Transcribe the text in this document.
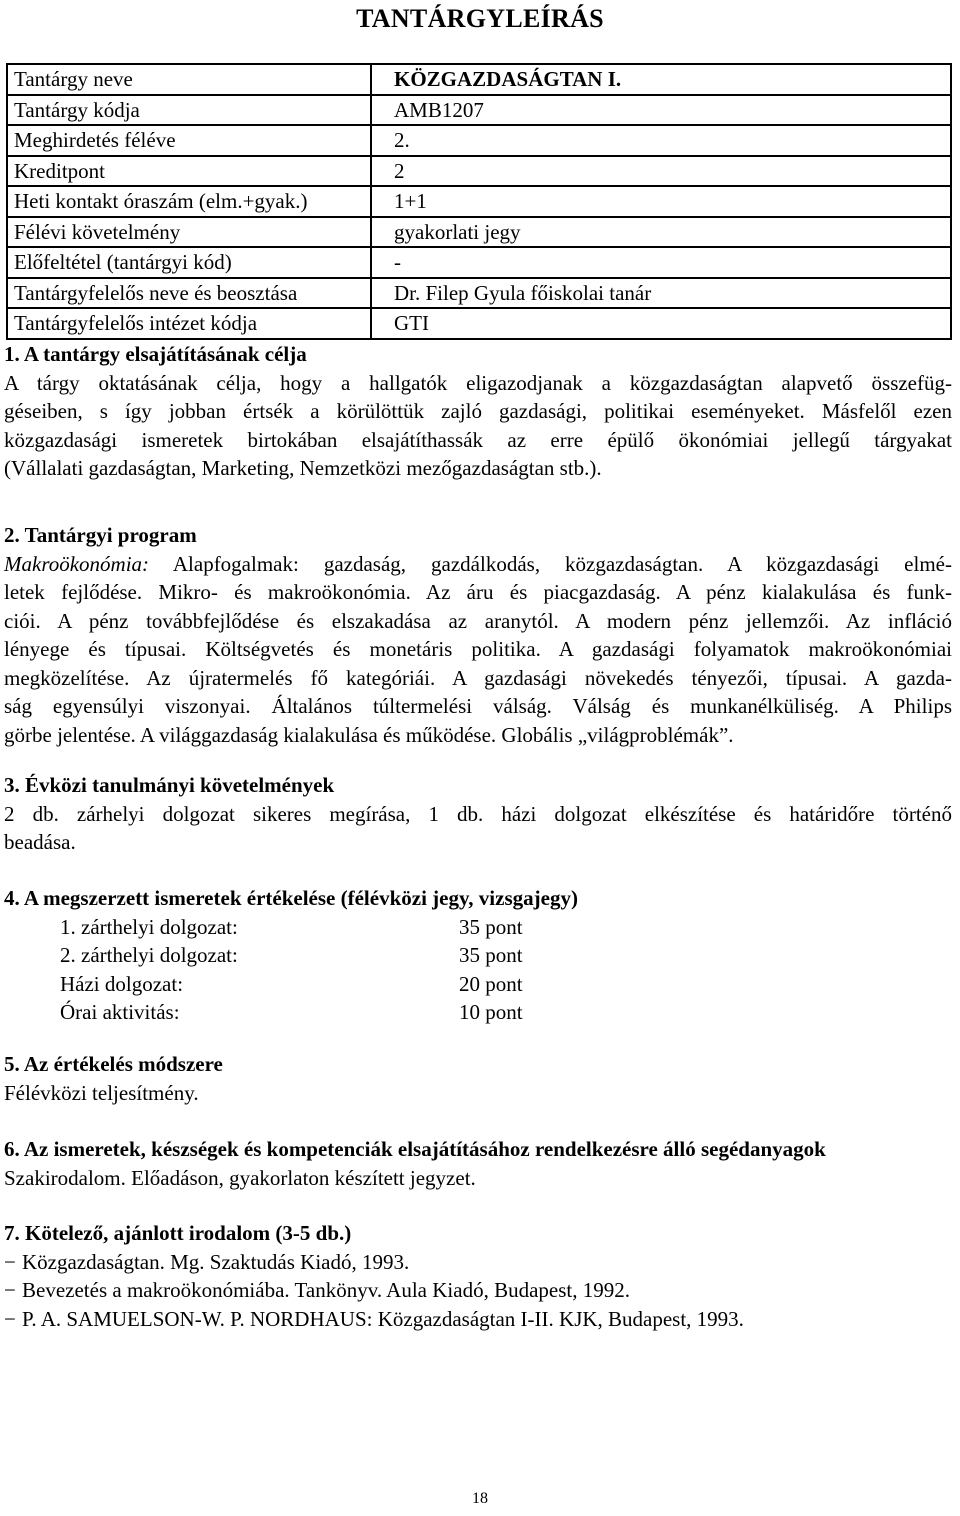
TANTÁRGYLEÍRÁS
Tantárgy neve	KÖZGAZDASÁGTAN I.
Tantárgy kódja	AMB1207
Meghirdetés féléve	2.
Kreditpont	2
Heti kontakt óraszám (elm.+gyak.)	1+1
Félévi követelmény	gyakorlati jegy
Előfeltétel (tantárgyi kód)	-
Tantárgyfelelős neve és beosztása	Dr. Filep Gyula főiskolai tanár
Tantárgyfelelős intézet kódja	GTI
1. A tantárgy elsajátításának célja
A tárgy oktatásának célja, hogy a hallgatók eligazodjanak a közgazdaságtan alapvető összefüg-
géseiben, s így jobban értsék a körülöttük zajló gazdasági, politikai eseményeket. Másfelől ezen
közgazdasági ismeretek birtokában elsajátíthassák az erre épülő ökonómiai jellegű tárgyakat
(Vállalati gazdaságtan, Marketing, Nemzetközi mezőgazdaságtan stb.).
2. Tantárgyi program
Makroökonómia: Alapfogalmak: gazdaság, gazdálkodás, közgazdaságtan. A közgazdasági elmé-
letek fejlődése. Mikro- és makroökonómia. Az áru és piacgazdaság. A pénz kialakulása és funk-
ciói. A pénz továbbfejlődése és elszakadása az aranytól. A modern pénz jellemzői. Az infláció
lényege és típusai. Költségvetés és monetáris politika. A gazdasági folyamatok makroökonómiai
megközelítése. Az újratermelés fő kategóriái. A gazdasági növekedés tényezői, típusai. A gazda-
ság egyensúlyi viszonyai. Általános túltermelési válság. Válság és munkanélküliség. A Philips
görbe jelentése. A világgazdaság kialakulása és működése. Globális „világproblémák”.
3. Évközi tanulmányi követelmények
2 db. zárhelyi dolgozat sikeres megírása, 1 db. házi dolgozat elkészítése és határidőre történő
beadása.
4. A megszerzett ismeretek értékelése (félévközi jegy, vizsgajegy)
1. zárthelyi dolgozat:	35 pont
2. zárthelyi dolgozat:	35 pont
Házi dolgozat:	20 pont
Órai aktivitás:	10 pont
5. Az értékelés módszere
Félévközi teljesítmény.
6. Az ismeretek, készségek és kompetenciák elsajátításához rendelkezésre álló segédanyagok
Szakirodalom. Előadáson, gyakorlaton készített jegyzet.
7. Kötelező, ajánlott irodalom (3-5 db.)
− Közgazdaságtan. Mg. Szaktudás Kiadó, 1993.
− Bevezetés a makroökonómiába. Tankönyv. Aula Kiadó, Budapest, 1992.
− P. A. SAMUELSON-W. P. NORDHAUS: Közgazdaságtan I-II. KJK, Budapest, 1993.
18
